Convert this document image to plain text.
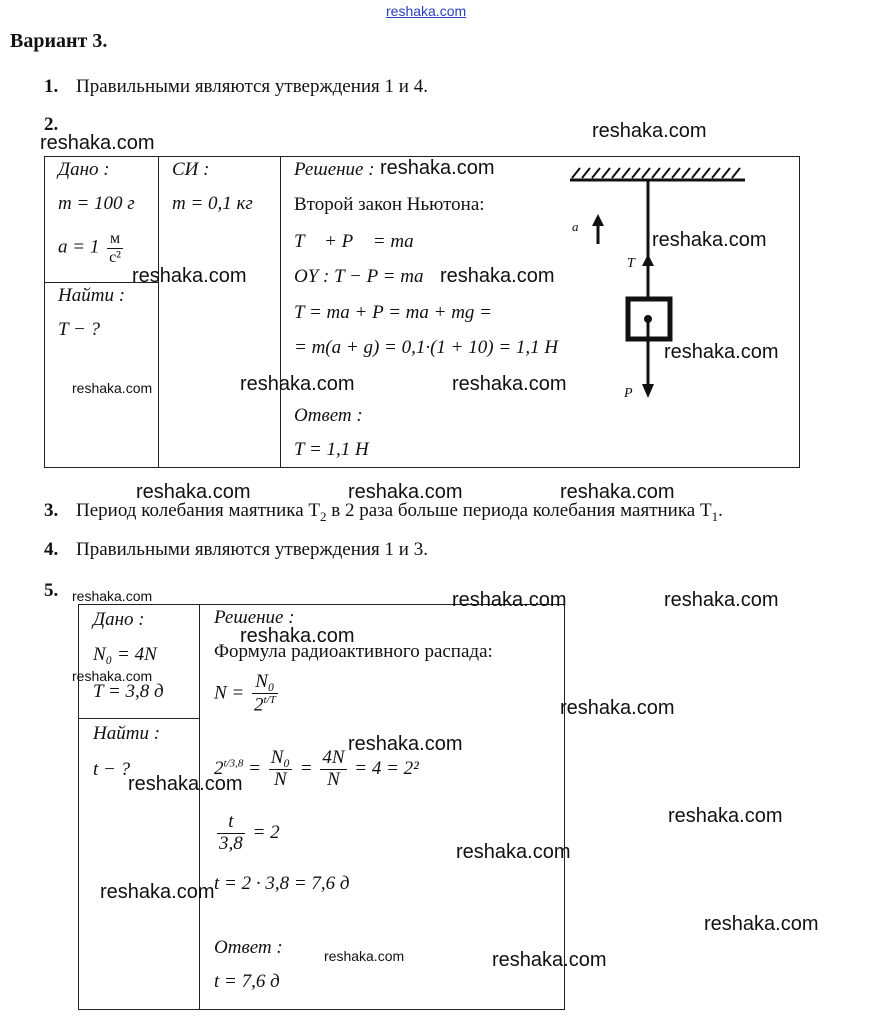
reshaka.com
Вариант 3.
1. Правильными являются утверждения 1 и 4.
2.
Дано :
m = 100 г
$a = 1 \frac{м}{\text{с²}}$
Найти :
T − ?
СИ :
m = 0,1 кг
Решение :
Второй закон Ньютона:
T⃗ + P⃗ = ma⃗
OY : T − P = ma
T = ma + P = ma + mg =
= m(a + g) = 0,1·(1 + 10) = 1,1 Н
Ответ :
T = 1,1 Н
a
T
P
3. Период колебания маятника $T_2$ в 2 раза больше периода колебания маятника $T_1$.
4. Правильными являются утверждения 1 и 3.
5.
Дано :
N₀ = 4N
T = 3,8 д
Найти :
t − ?
Решение :
Формула радиоактивного распада:
$N = \frac{\text{N₀}}{2^{t/T}}$
$2^{t/3,8} = \frac{\text{N₀}}{N} = \frac{4N}{N} = 4 = 2^2$
$\frac{t}{3,8} = 2$
t = 2 · 3,8 = 7,6 д
Ответ :
t = 7,6 д
reshaka.com
reshaka.com
reshaka.com
reshaka.com
reshaka.com	reshaka.com
reshaka.com
reshaka.com	reshaka.com	reshaka.com
reshaka.com	reshaka.com	reshaka.com
reshaka.com	reshaka.com	reshaka.com
reshaka.com
reshaka.com
reshaka.com
reshaka.com
reshaka.com
reshaka.com
reshaka.com
reshaka.com
reshaka.com
reshaka.com	reshaka.com
